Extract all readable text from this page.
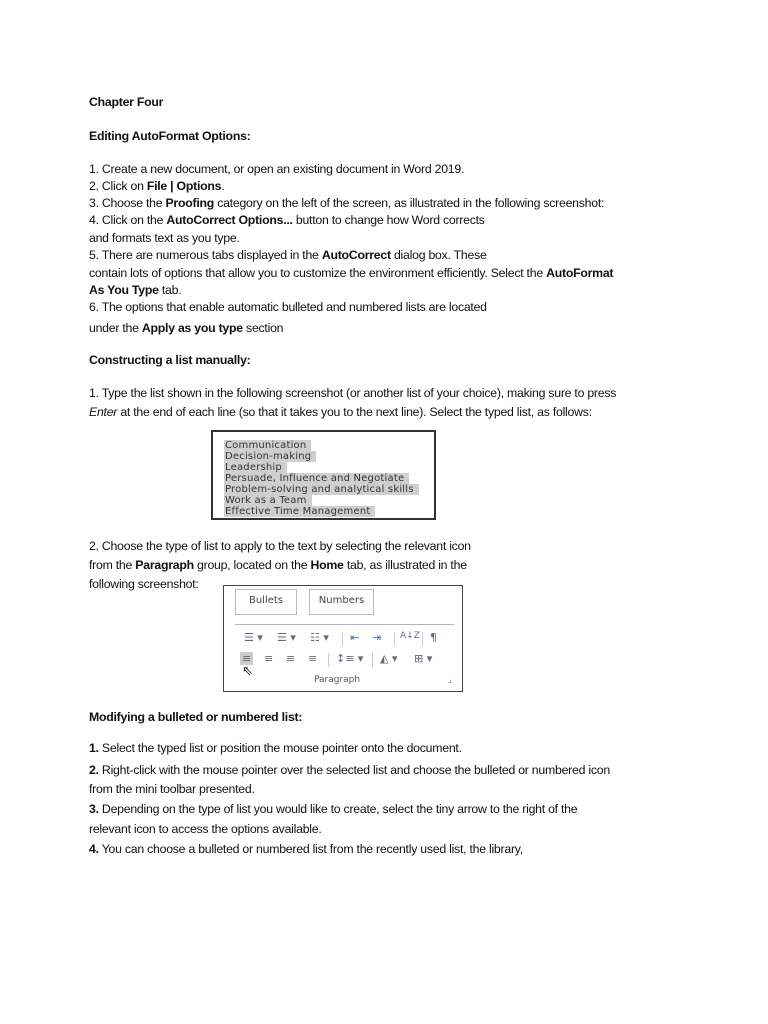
Chapter Four
Editing AutoFormat Options:
1. Create a new document, or open an existing document in Word 2019.
2. Click on File | Options.
3. Choose the Proofing category on the left of the screen, as illustrated in the following screenshot:
4. Click on the AutoCorrect Options... button to change how Word corrects
and formats text as you type.
5. There are numerous tabs displayed in the AutoCorrect dialog box. These
contain lots of options that allow you to customize the environment efficiently. Select the AutoFormat
As You Type tab.
6. The options that enable automatic bulleted and numbered lists are located
under the Apply as you type section
Constructing a list manually:
1. Type the list shown in the following screenshot (or another list of your choice), making sure to press
Enter at the end of each line (so that it takes you to the next line). Select the typed list, as follows:
2. Choose the type of list to apply to the text by selecting the relevant icon
from the Paragraph group, located on the Home tab, as illustrated in the
following screenshot:
Modifying a bulleted or numbered list:
1. Select the typed list or position the mouse pointer onto the document.
2. Right-click with the mouse pointer over the selected list and choose the bulleted or numbered icon
from the mini toolbar presented.
3. Depending on the type of list you would like to create, select the tiny arrow to the right of the
relevant icon to access the options available.
4. You can choose a bulleted or numbered list from the recently used list, the library,
Communication
Decision-making
Leadership
Persuade, Influence and Negotiate
Problem-solving and analytical skills
Work as a Team
Effective Time Management
Bullets	Numbers
☰ ▾ ☰ ▾ ☷ ▾ ⇤ ⇥ A↓Z ¶
≡ ≡ ≡ ≡ ↕≡ ▾ ◭ ▾ ⊞ ▾
⇖
Paragraph	⌟
